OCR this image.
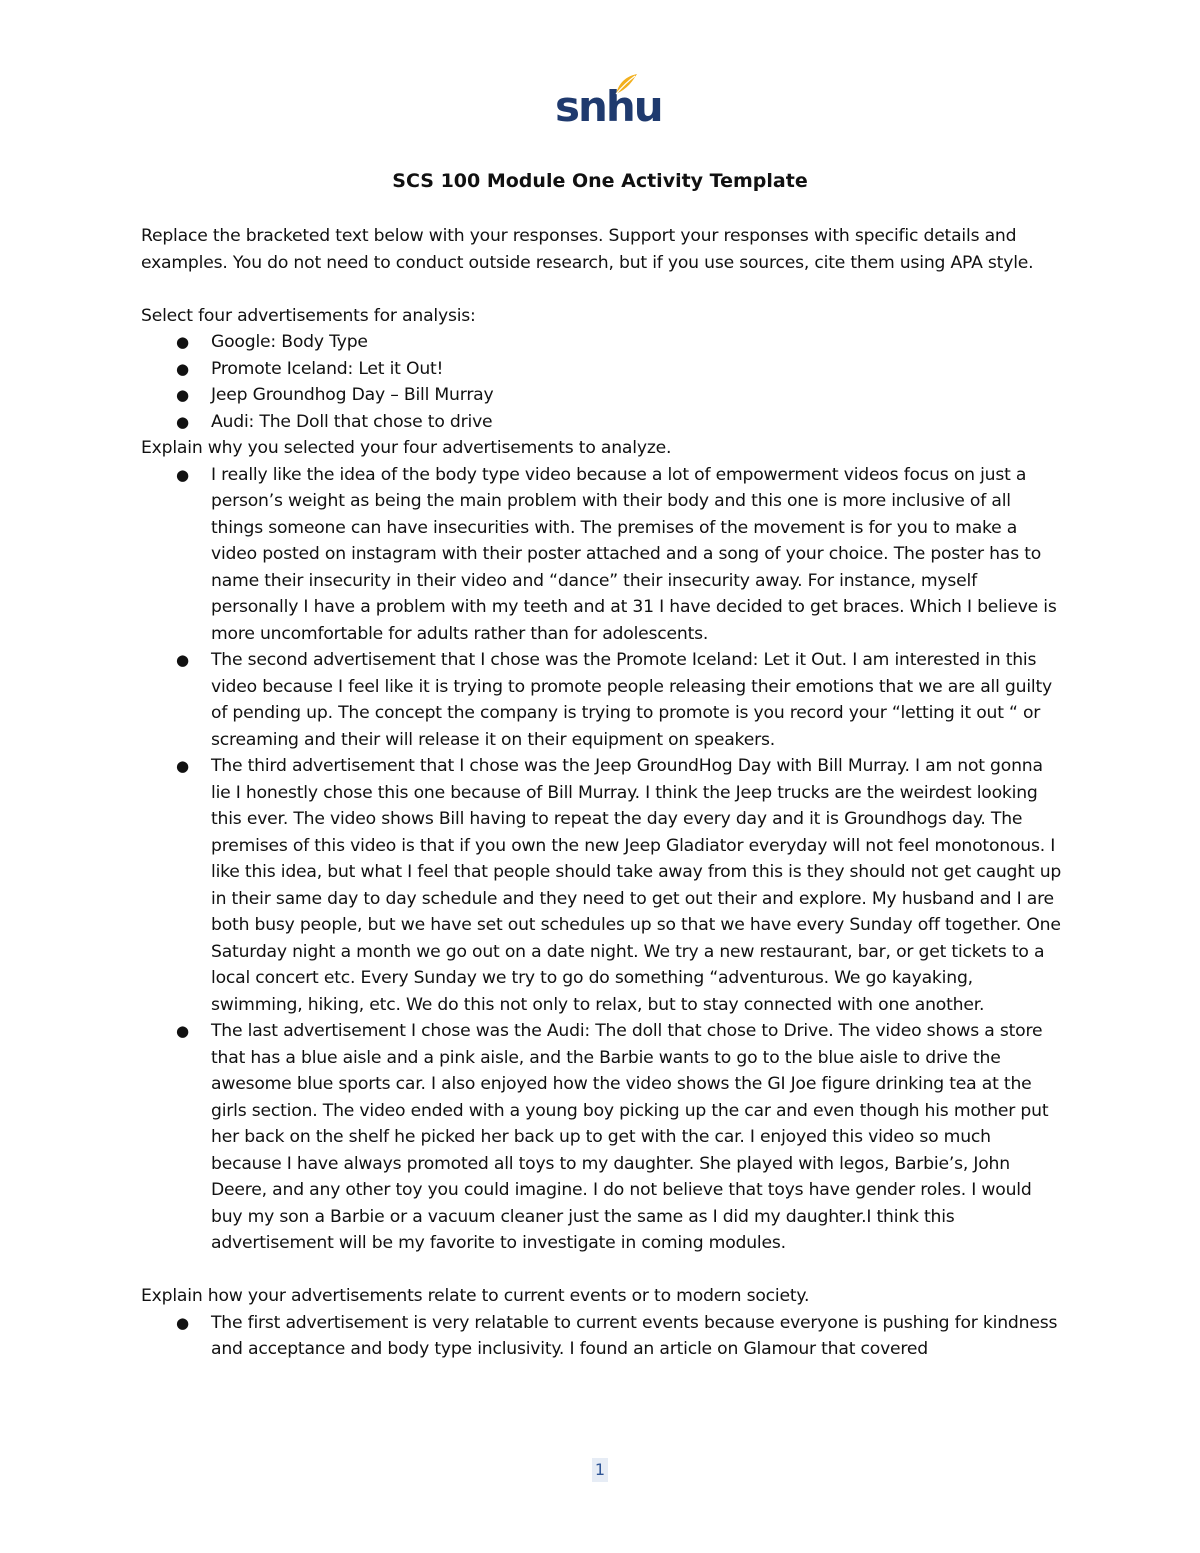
snhu
SCS 100 Module One Activity Template

Replace the bracketed text below with your responses. Support your responses with specific details and examples. You do not need to conduct outside research, but if you use sources, cite them using APA style.

Select four advertisements for analysis:

●	Google: Body Type
●	Promote Iceland: Let it Out!
●	Jeep Groundhog Day – Bill Murray
●	Audi: The Doll that chose to drive

Explain why you selected your four advertisements to analyze.

●	I really like the idea of the body type video because a lot of empowerment videos focus on just a person’s weight as being the main problem with their body and this one is more inclusive of all things someone can have insecurities with. The premises of the movement is for you to make a video posted on instagram with their poster attached and a song of your choice. The poster has to name their insecurity in their video and “dance” their insecurity away. For instance, myself personally I have a problem with my teeth and at 31 I have decided to get braces. Which I believe is more uncomfortable for adults rather than for adolescents.
●	The second advertisement that I chose was the Promote Iceland: Let it Out. I am interested in this video because I feel like it is trying to promote people releasing their emotions that we are all guilty of pending up. The concept the company is trying to promote is you record your “letting it out “ or screaming and their will release it on their equipment on speakers.
●	The third advertisement that I chose was the Jeep GroundHog Day with Bill Murray. I am not gonna lie I honestly chose this one because of Bill Murray. I think the Jeep trucks are the weirdest looking this ever. The video shows Bill having to repeat the day every day and it is Groundhogs day. The premises of this video is that if you own the new Jeep Gladiator everyday will not feel monotonous. I like this idea, but what I feel that people should take away from this is they should not get caught up in their same day to day schedule and they need to get out their and explore. My husband and I are both busy people, but we have set out schedules up so that we have every Sunday off together. One Saturday night a month we go out on a date night. We try a new restaurant, bar, or get tickets to a local concert etc. Every Sunday we try to go do something “adventurous. We go kayaking, swimming, hiking, etc. We do this not only to relax, but to stay connected with one another.
●	The last advertisement I chose was the Audi: The doll that chose to Drive. The video shows a store that has a blue aisle and a pink aisle, and the Barbie wants to go to the blue aisle to drive the awesome blue sports car. I also enjoyed how the video shows the GI Joe figure drinking tea at the girls section. The video ended with a young boy picking up the car and even though his mother put her back on the shelf he picked her back up to get with the car. I enjoyed this video so much because I have always promoted all toys to my daughter. She played with legos, Barbie’s, John Deere, and any other toy you could imagine. I do not believe that toys have gender roles. I would buy my son a Barbie or a vacuum cleaner just the same as I did my daughter.I think this advertisement will be my favorite to investigate in coming modules.

Explain how your advertisements relate to current events or to modern society.

●	The first advertisement is very relatable to current events because everyone is pushing for kindness and acceptance and body type inclusivity. I found an article on Glamour that covered
1
